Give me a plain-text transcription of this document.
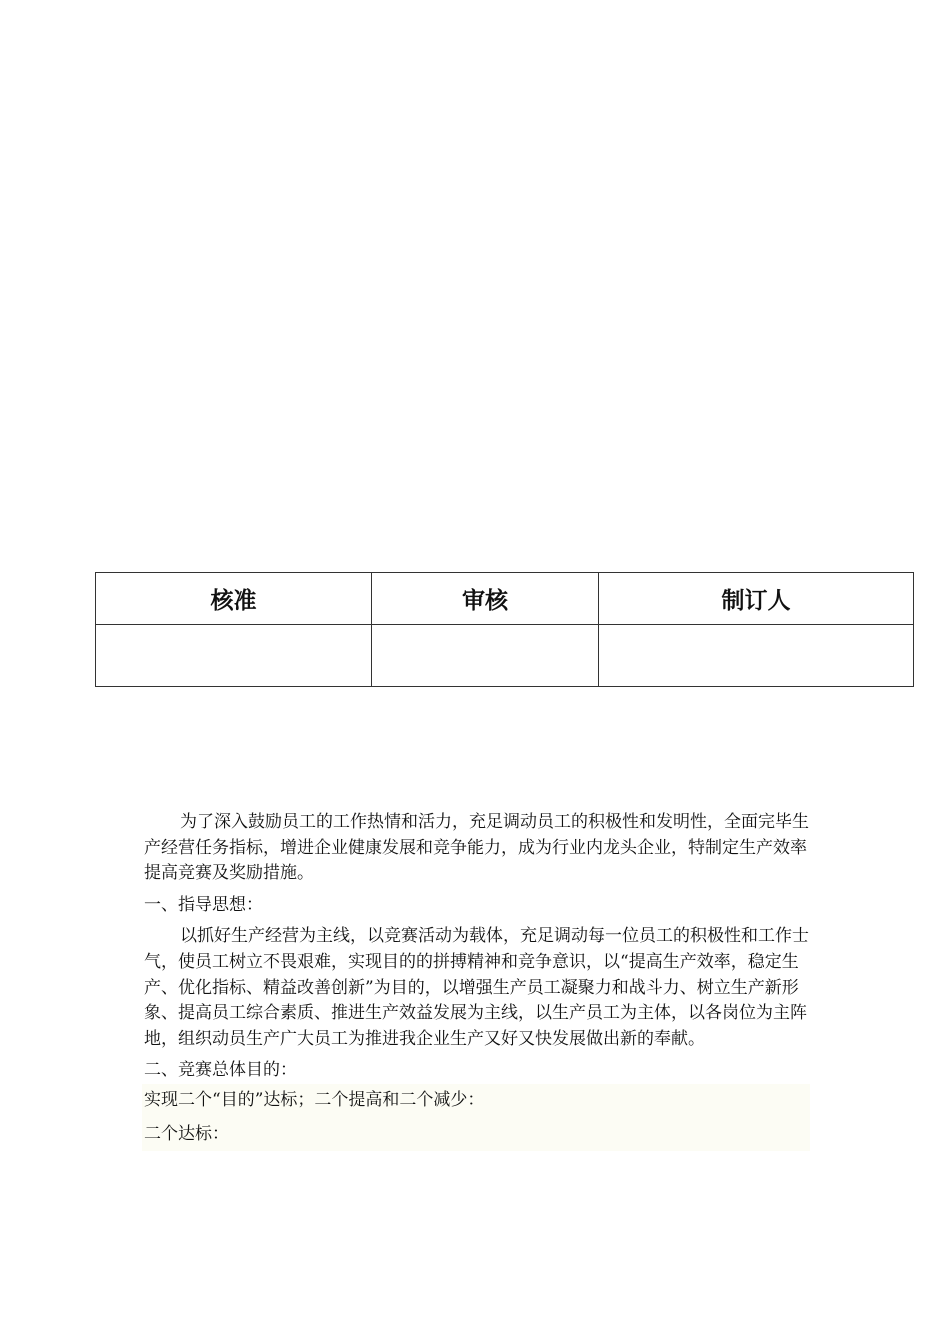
核准	审核	制订人

为了深入鼓励员工的工作热情和活力，充足调动员工的积极性和发明性，全面完毕生产经营任务指标，增进企业健康发展和竞争能力，成为行业内龙头企业，特制定生产效率提高竞赛及奖励措施。

一、指导思想：

以抓好生产经营为主线，以竞赛活动为载体，充足调动每一位员工的积极性和工作士气，使员工树立不畏艰难，实现目的的拼搏精神和竞争意识，以“提高生产效率，稳定生产、优化指标、精益改善创新”为目的，以增强生产员工凝聚力和战斗力、树立生产新形象、提高员工综合素质、推进生产效益发展为主线，以生产员工为主体，以各岗位为主阵地，组织动员生产广大员工为推进我企业生产又好又快发展做出新的奉献。

二、竞赛总体目的：

实现二个“目的”达标；二个提高和二个减少：

二个达标：
